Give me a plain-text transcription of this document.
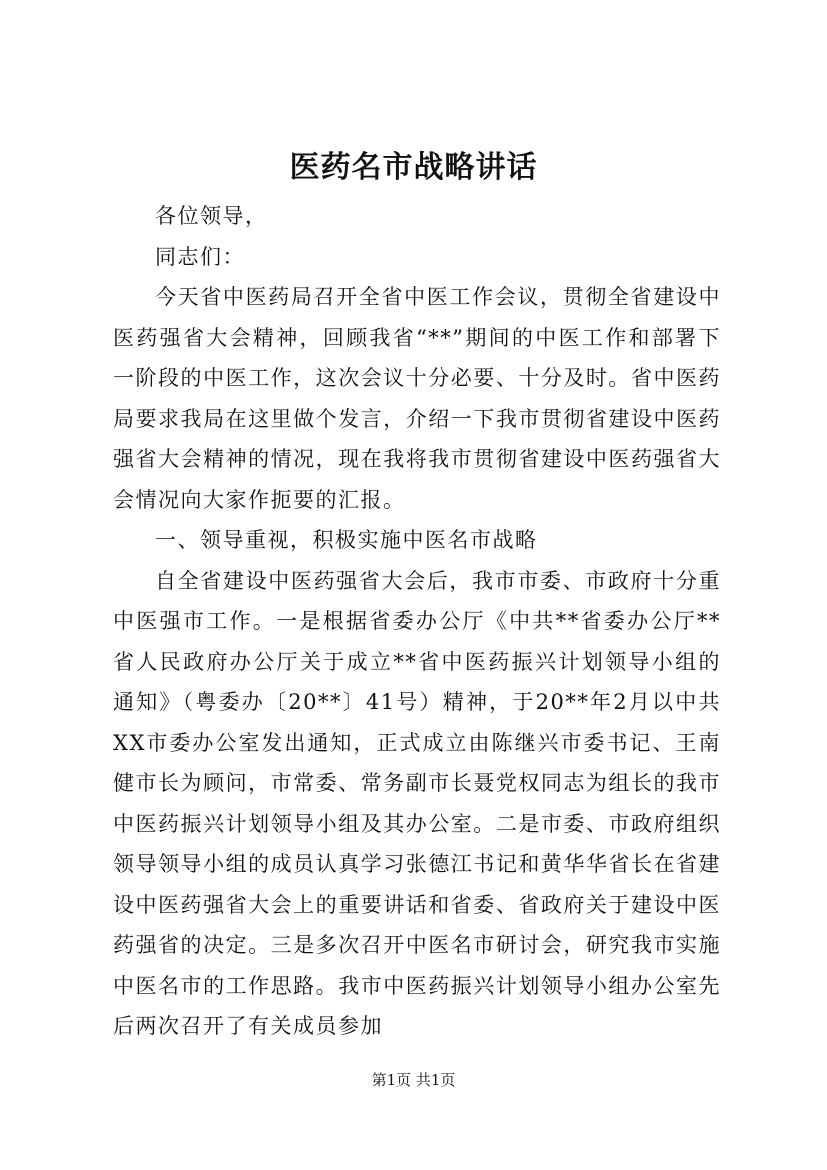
医药名市战略讲话

各位领导，

同志们：

今天省中医药局召开全省中医工作会议，贯彻全省建设中医药强省大会精神，回顾我省“**”期间的中医工作和部署下一阶段的中医工作，这次会议十分必要、十分及时。省中医药局要求我局在这里做个发言，介绍一下我市贯彻省建设中医药强省大会精神的情况，现在我将我市贯彻省建设中医药强省大会情况向大家作扼要的汇报。

一、领导重视，积极实施中医名市战略

自全省建设中医药强省大会后，我市市委、市政府十分重中医强市工作。一是根据省委办公厅《中共**省委办公厅**省人民政府办公厅关于成立**省中医药振兴计划领导小组的通知》（粤委办〔20**〕41号）精神，于20**年2月以中共XX市委办公室发出通知，正式成立由陈继兴市委书记、王南健市长为顾问，市常委、常务副市长聂党权同志为组长的我市中医药振兴计划领导小组及其办公室。二是市委、市政府组织领导领导小组的成员认真学习张德江书记和黄华华省长在省建设中医药强省大会上的重要讲话和省委、省政府关于建设中医药强省的决定。三是多次召开中医名市研讨会，研究我市实施中医名市的工作思路。我市中医药振兴计划领导小组办公室先后两次召开了有关成员参加

第1页 共1页
